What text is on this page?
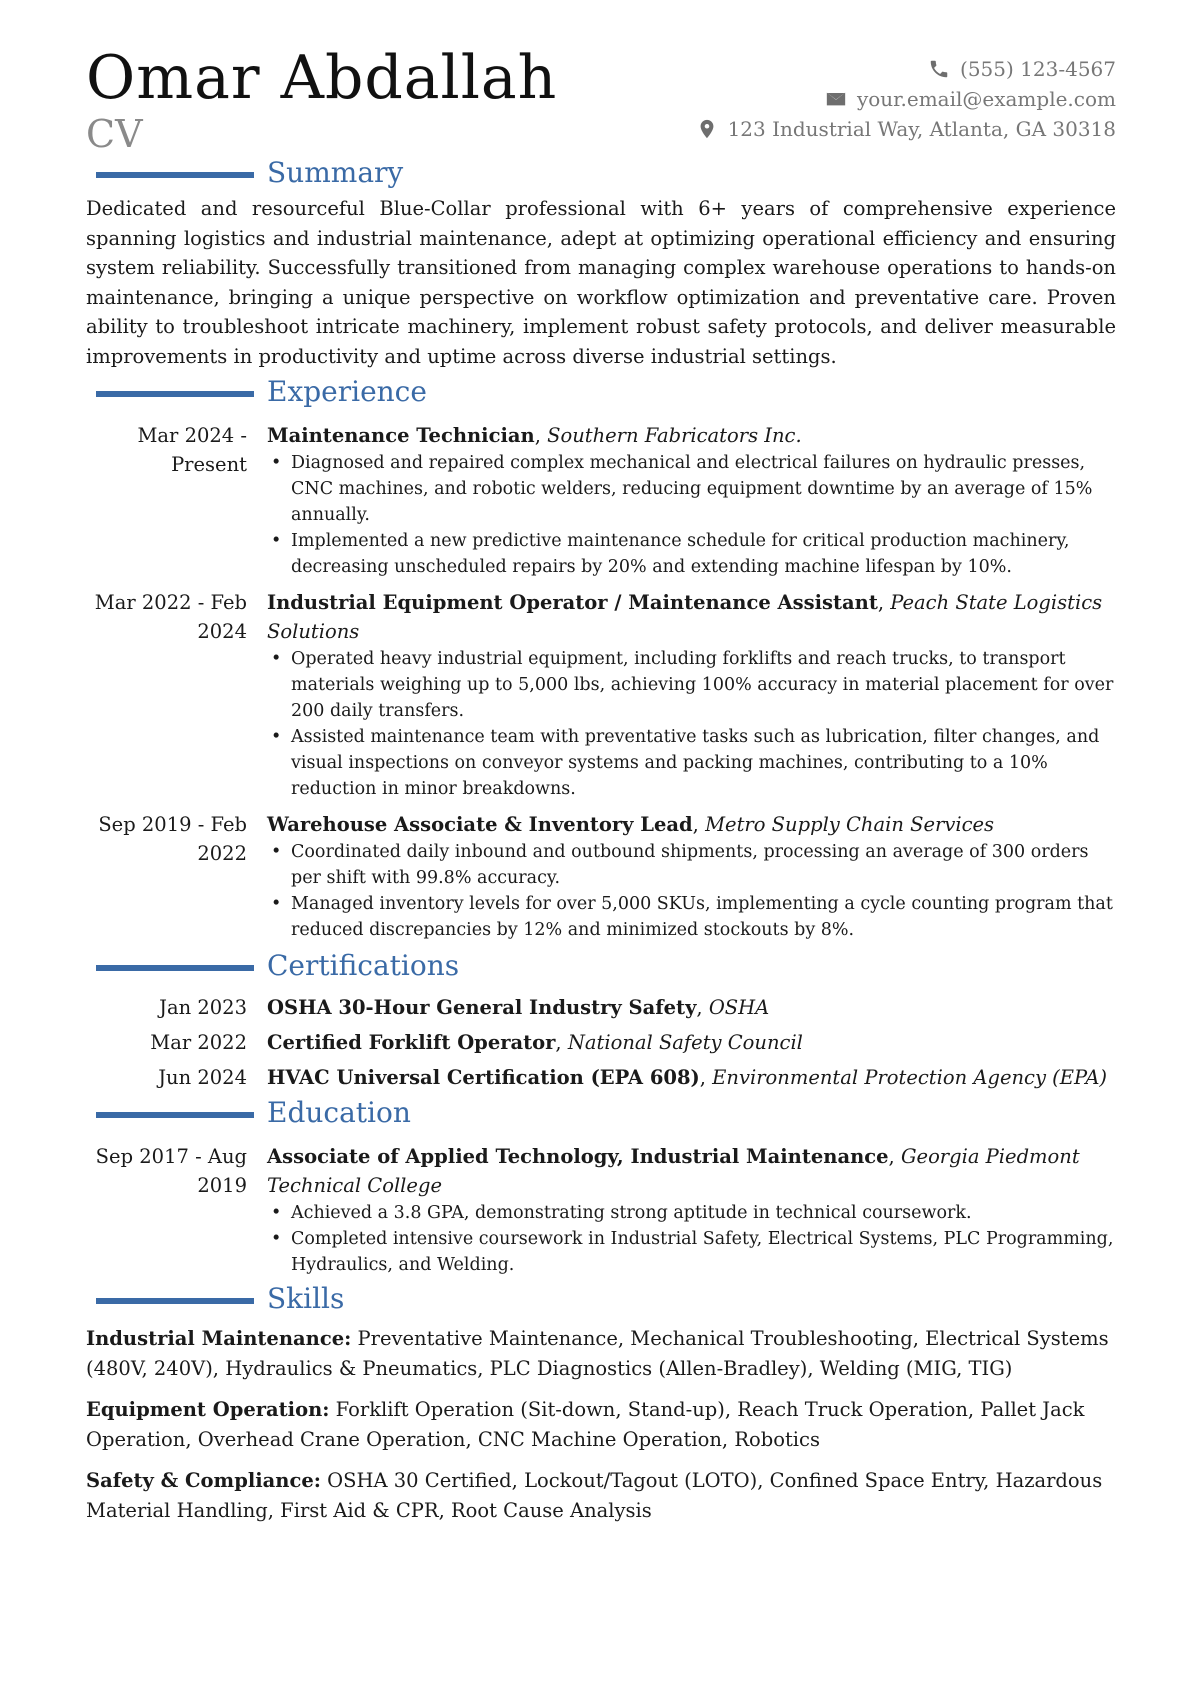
Omar Abdallah
CV
(555) 123-4567
your.email@example.com
123 Industrial Way, Atlanta, GA 30318
Summary
Dedicated and resourceful Blue-Collar professional with 6+ years of comprehensive experience spanning logistics and industrial maintenance, adept at optimizing operational efficiency and ensuring system reliability. Successfully transitioned from managing complex warehouse operations to hands-on maintenance, bringing a unique perspective on workflow optimization and preventative care. Proven ability to troubleshoot intricate machinery, implement robust safety protocols, and deliver measurable improvements in productivity and uptime across diverse industrial settings.
Experience
Mar 2024 - Present
Maintenance Technician, Southern Fabricators Inc.
• Diagnosed and repaired complex mechanical and electrical failures on hydraulic presses, CNC machines, and robotic welders, reducing equipment downtime by an average of 15% annually.
• Implemented a new predictive maintenance schedule for critical production machinery, decreasing unscheduled repairs by 20% and extending machine lifespan by 10%.
Mar 2022 - Feb 2024
Industrial Equipment Operator / Maintenance Assistant, Peach State Logistics Solutions
• Operated heavy industrial equipment, including forklifts and reach trucks, to transport materials weighing up to 5,000 lbs, achieving 100% accuracy in material placement for over 200 daily transfers.
• Assisted maintenance team with preventative tasks such as lubrication, filter changes, and visual inspections on conveyor systems and packing machines, contributing to a 10% reduction in minor breakdowns.
Sep 2019 - Feb 2022
Warehouse Associate & Inventory Lead, Metro Supply Chain Services
• Coordinated daily inbound and outbound shipments, processing an average of 300 orders per shift with 99.8% accuracy.
• Managed inventory levels for over 5,000 SKUs, implementing a cycle counting program that reduced discrepancies by 12% and minimized stockouts by 8%.
Certifications
Jan 2023	OSHA 30-Hour General Industry Safety, OSHA
Mar 2022	Certified Forklift Operator, National Safety Council
Jun 2024	HVAC Universal Certification (EPA 608), Environmental Protection Agency (EPA)
Education
Sep 2017 - Aug 2019
Associate of Applied Technology, Industrial Maintenance, Georgia Piedmont Technical College
• Achieved a 3.8 GPA, demonstrating strong aptitude in technical coursework.
• Completed intensive coursework in Industrial Safety, Electrical Systems, PLC Programming, Hydraulics, and Welding.
Skills
Industrial Maintenance: Preventative Maintenance, Mechanical Troubleshooting, Electrical Systems (480V, 240V), Hydraulics & Pneumatics, PLC Diagnostics (Allen-Bradley), Welding (MIG, TIG)
Equipment Operation: Forklift Operation (Sit-down, Stand-up), Reach Truck Operation, Pallet Jack Operation, Overhead Crane Operation, CNC Machine Operation, Robotics
Safety & Compliance: OSHA 30 Certified, Lockout/Tagout (LOTO), Confined Space Entry, Hazardous Material Handling, First Aid & CPR, Root Cause Analysis
